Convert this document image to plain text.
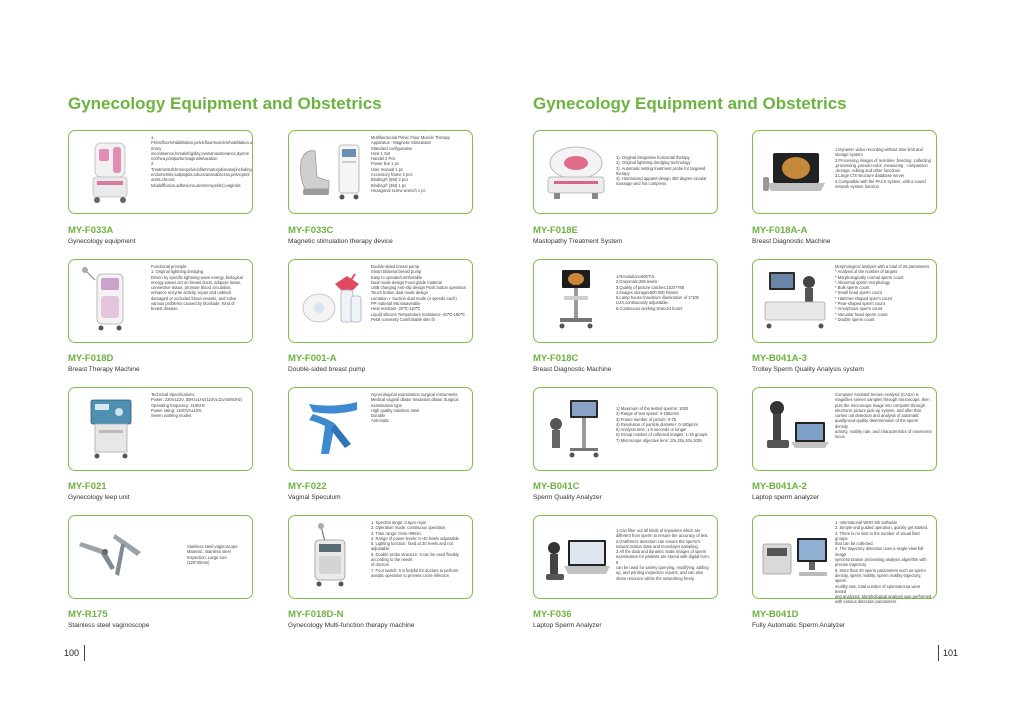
Gynecology Equipment and Obstetrics	Gynecology Equipment and Obstetrics
1.
Pelvicfloorrehabilitation,pelvicfloormusclerehabilitation,u
rinary
incontinence,femalefrigidity,ovariamaintenance,dysme
norrhea,postpartumvaginalrelaxation
2.
Treatmentofchronicpelvicinflammatorydisease(including
endometritis,salpingitis,tuboovarianabscess,pelvicperit
onitis,chronic
tubalefflusion,adhesions,uterinemyositis),vaginitis
MY-F033A
Gynecology equipment
Multifunctional Pelvic Floor Muscle Therapy
Apparatus - Magnetic Stimulation
Standard configuration
Host 1 Set
Handel 2 Pcs
Power line 1 pc
User manual 1 pc
Accessory frame 2 pcs
Binding® (5M) 2 pcs
Binding® (3M) 1 pc
Hexagonal screw wrench 1 pc
MY-F033C
Magnetic stimulation therapy device
Functional principle:
1. Original lightning dredging
Driven by specific lightning wave energy, biological
energy waves act on breast ducts, adipose tissue,
connective tissue, promote blood circulation,
enhance enzyme activity, repair and unblock
damaged or occluded blood vessels, and solve
various problems caused by blockade. Kind of
breast disease.
MY-F018D
Breast Therapy Machine
Double-sided breast pump
Smart bilateral breast pump
Easy to operate/comfortable
Dual mode design Food grade material
USB charging Anti-slip design Push button operation
Touch button dual mode design
Lactation + Suction dual mode (4 speeds each)
PP material Microwaveable
Heat resistant -20℃-110℃
Liquid silicone Temperature resistance -40℃-180℃
Petal convexity Comfortable skin fit
MY-F001-A
Double-sided breast pump
Technical Specifications
Power: 220V±22V, 50Hz±1Hz(110V±11V,50/60Hz)
Operating frequency: 410KHz
Power rating: 110OVA±10%
Seven working modes
MY-F021
Gynecology leep unit
Gynecological examination surgical instruments
Medical vaginal dilator Insulation dilator Surgical
examination type
High quality stainless steel
Durable
Anti-static
MY-F022
Vaginal Speculum
Stainless steel vaginoscope
Material:: stainless steel
Inspection: Large size (120*40mm)
MY-R175
Stainless steel vaginoscope
1. Spectral range: 0.6μm~3μm
2. Operation mode: continuous operation
3. Time range: 0min~99min
4. Range of power levels: 0~40 levels adjustable
5. Lighting function: fixed at 30 levels and not
adjustable
6. Double probe structure: It can be used flexibly
according to the needs
of doctors
7. Foot switch: It is helpful for doctors to perform
aseptic operation to prevent cross-infection
MY-F018D-N
Gynecology Multi-function therapy machine
1). Original integrative horizontal therapy
2). Original lightning dredging technology
3). Automatic setting treatment probe for targeted
therapy
4). Humanized apparel design 360 degree circular
massage and hot compress
MY-F018E
Mastopathy Treatment System
1.Dynamic video recording without time limit and
storage system
2.Processing images of real-time ,freezing ,collecting
,processing ,pseudo-color ,measuring , comparison
,storage, editing and other functions
3.Large C/S structure database server
4.Compatible with the PACS system, with a sound
network system function
MY-F018A-A
Breast Diagnostic Machine
1.Resolution≥600TVL
2.Grayscale:256 levels
3.Quality of picture catches:1024*768
4.Images storage≥600,000 frames
5.Lamp house:maximum illumination of 1*105
LUX,continuously adjustable.
6.Continuous working time≥24 hours
MY-F018C
Breast Diagnostic Machine
Morphological analysis with a total of 26 parameters
* Analysis of the number of targets
* Morphologically normal sperm count
* Abnormal sperm morphology
* Bulk sperm count
* Small head sperm count
* Hammer-shaped sperm count
* Pear-shaped sperm count
* Amorphous sperm count
* Vacuolar head sperm count
* Double sperm count
MY-B041A-3
Trolley Sperm Quality Analysis system
1) Maximum of the tested sperms: 1000
2) Range of test speed: 0-180um/s
3) Frame number of picture: 0-75
4) Resolution of particle diameter: 0-180μm/s
5) Analysis time: 1-5 seconds or longer
6) Group number of collected images: 1-15 groups
7) Microscope objective lens: 10x,20x,40x,100x
MY-B041C
Sperm Quality Analyzer
Computer Assisted Semen Analysis (CASA) is
magnifies semen samples through microscope, then
puts the microscope image into computer through
electronic picture pick-up system, and after that
carries out detection and analysis of automatic
quality-and-quality-determination of the sperm density
activity, motility rate, and characteristics of movement
locus.
MY-B041A-2
Laptop sperm analyzer
1.Can filter out all kinds of impurities which are
different from sperm to ensure the accuracy of test.
2.Gratfreeze detection can ensure the sperm's
natural motion state and monolayer sampling.
3.All the data and dynamic static images of sperm
examination for patients are stored with digital form. It
can be used for variety querying, modifying, adding
up, and printing inspection reports, and can also
share resource within the networking freely.
MY-F036
Laptop Sperm Analyzer
1. International WHO 5th Software
2. Simple and guided operation, quickly get started.
3. There is no limit to the number of visual field groups
that can be collected.
4. The trajectory detection uses a single-view full-image
synchronization processing analysis algorithm with
precise trajectory.
5. More than 30 sperm parameters such as sperm
density, sperm motility, sperm motility trajectory, sperm
motility rate, total number of spermatozoa were tested
and analyzed. Morphological analysis was performed
with various detection parameters.
MY-B041D
Fully Automatic Sperm Analyzer
100	101
